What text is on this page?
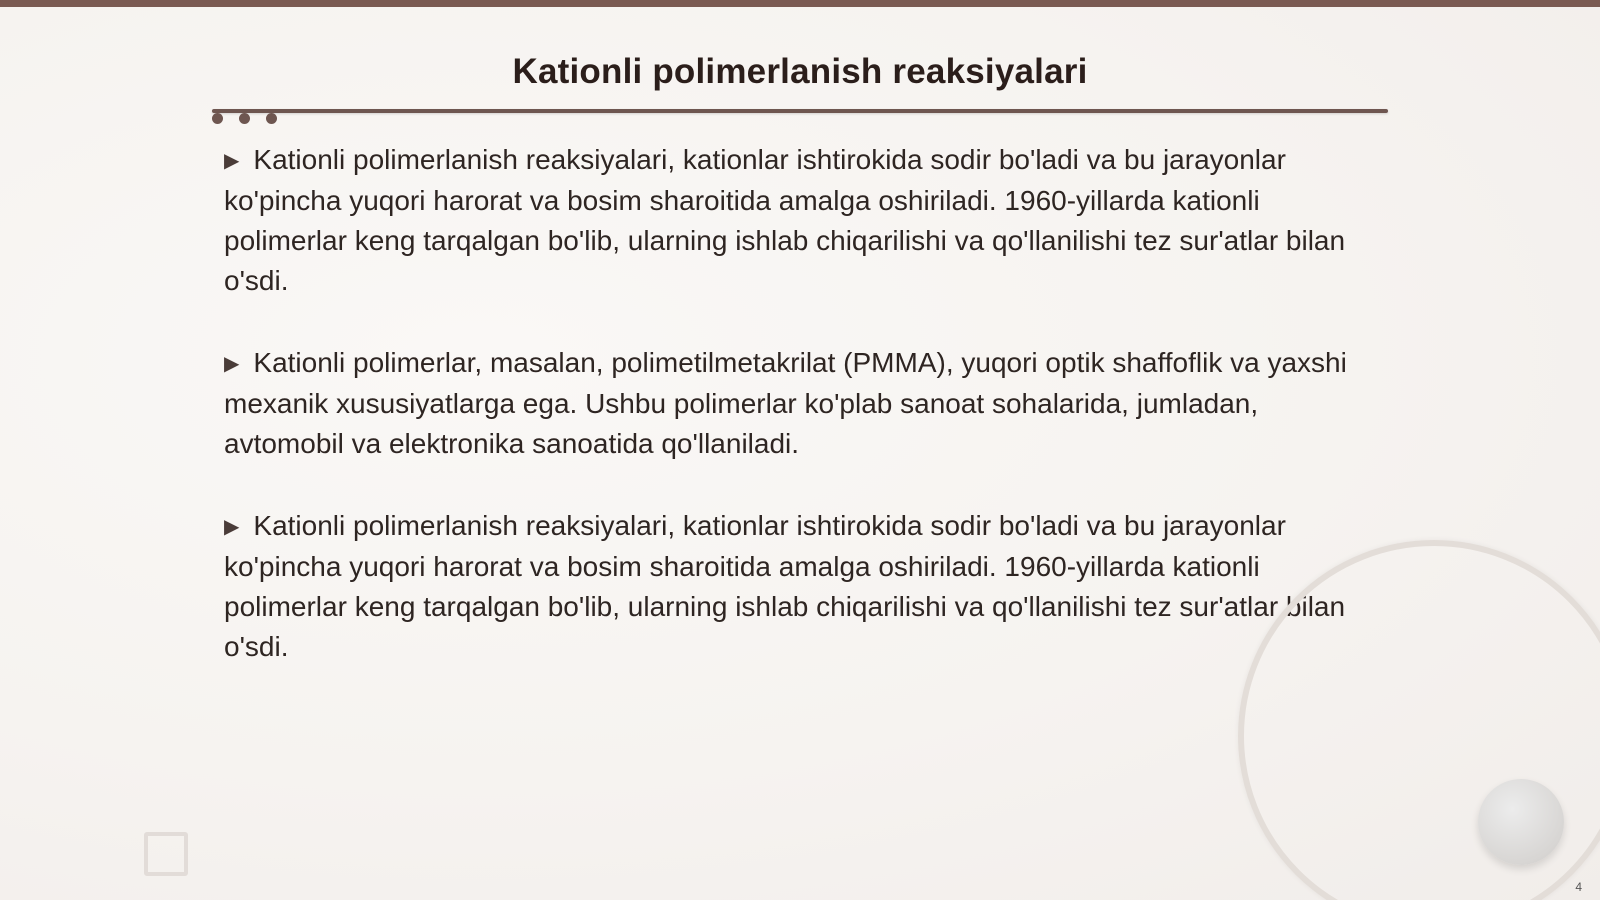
Kationli polimerlanish reaksiyalari

▶ Kationli polimerlanish reaksiyalari, kationlar ishtirokida sodir bo'ladi va bu jarayonlar ko'pincha yuqori harorat va bosim sharoitida amalga oshiriladi. 1960-yillarda kationli polimerlar keng tarqalgan bo'lib, ularning ishlab chiqarilishi va qo'llanilishi tez sur'atlar bilan o'sdi.

▶ Kationli polimerlar, masalan, polimetilmetakrilat (PMMA), yuqori optik shaffoflik va yaxshi mexanik xususiyatlarga ega. Ushbu polimerlar ko'plab sanoat sohalarida, jumladan, avtomobil va elektronika sanoatida qo'llaniladi.

▶ Kationli polimerlanish reaksiyalari, kationlar ishtirokida sodir bo'ladi va bu jarayonlar ko'pincha yuqori harorat va bosim sharoitida amalga oshiriladi. 1960-yillarda kationli polimerlar keng tarqalgan bo'lib, ularning ishlab chiqarilishi va qo'llanilishi tez sur'atlar bilan o'sdi.

4
